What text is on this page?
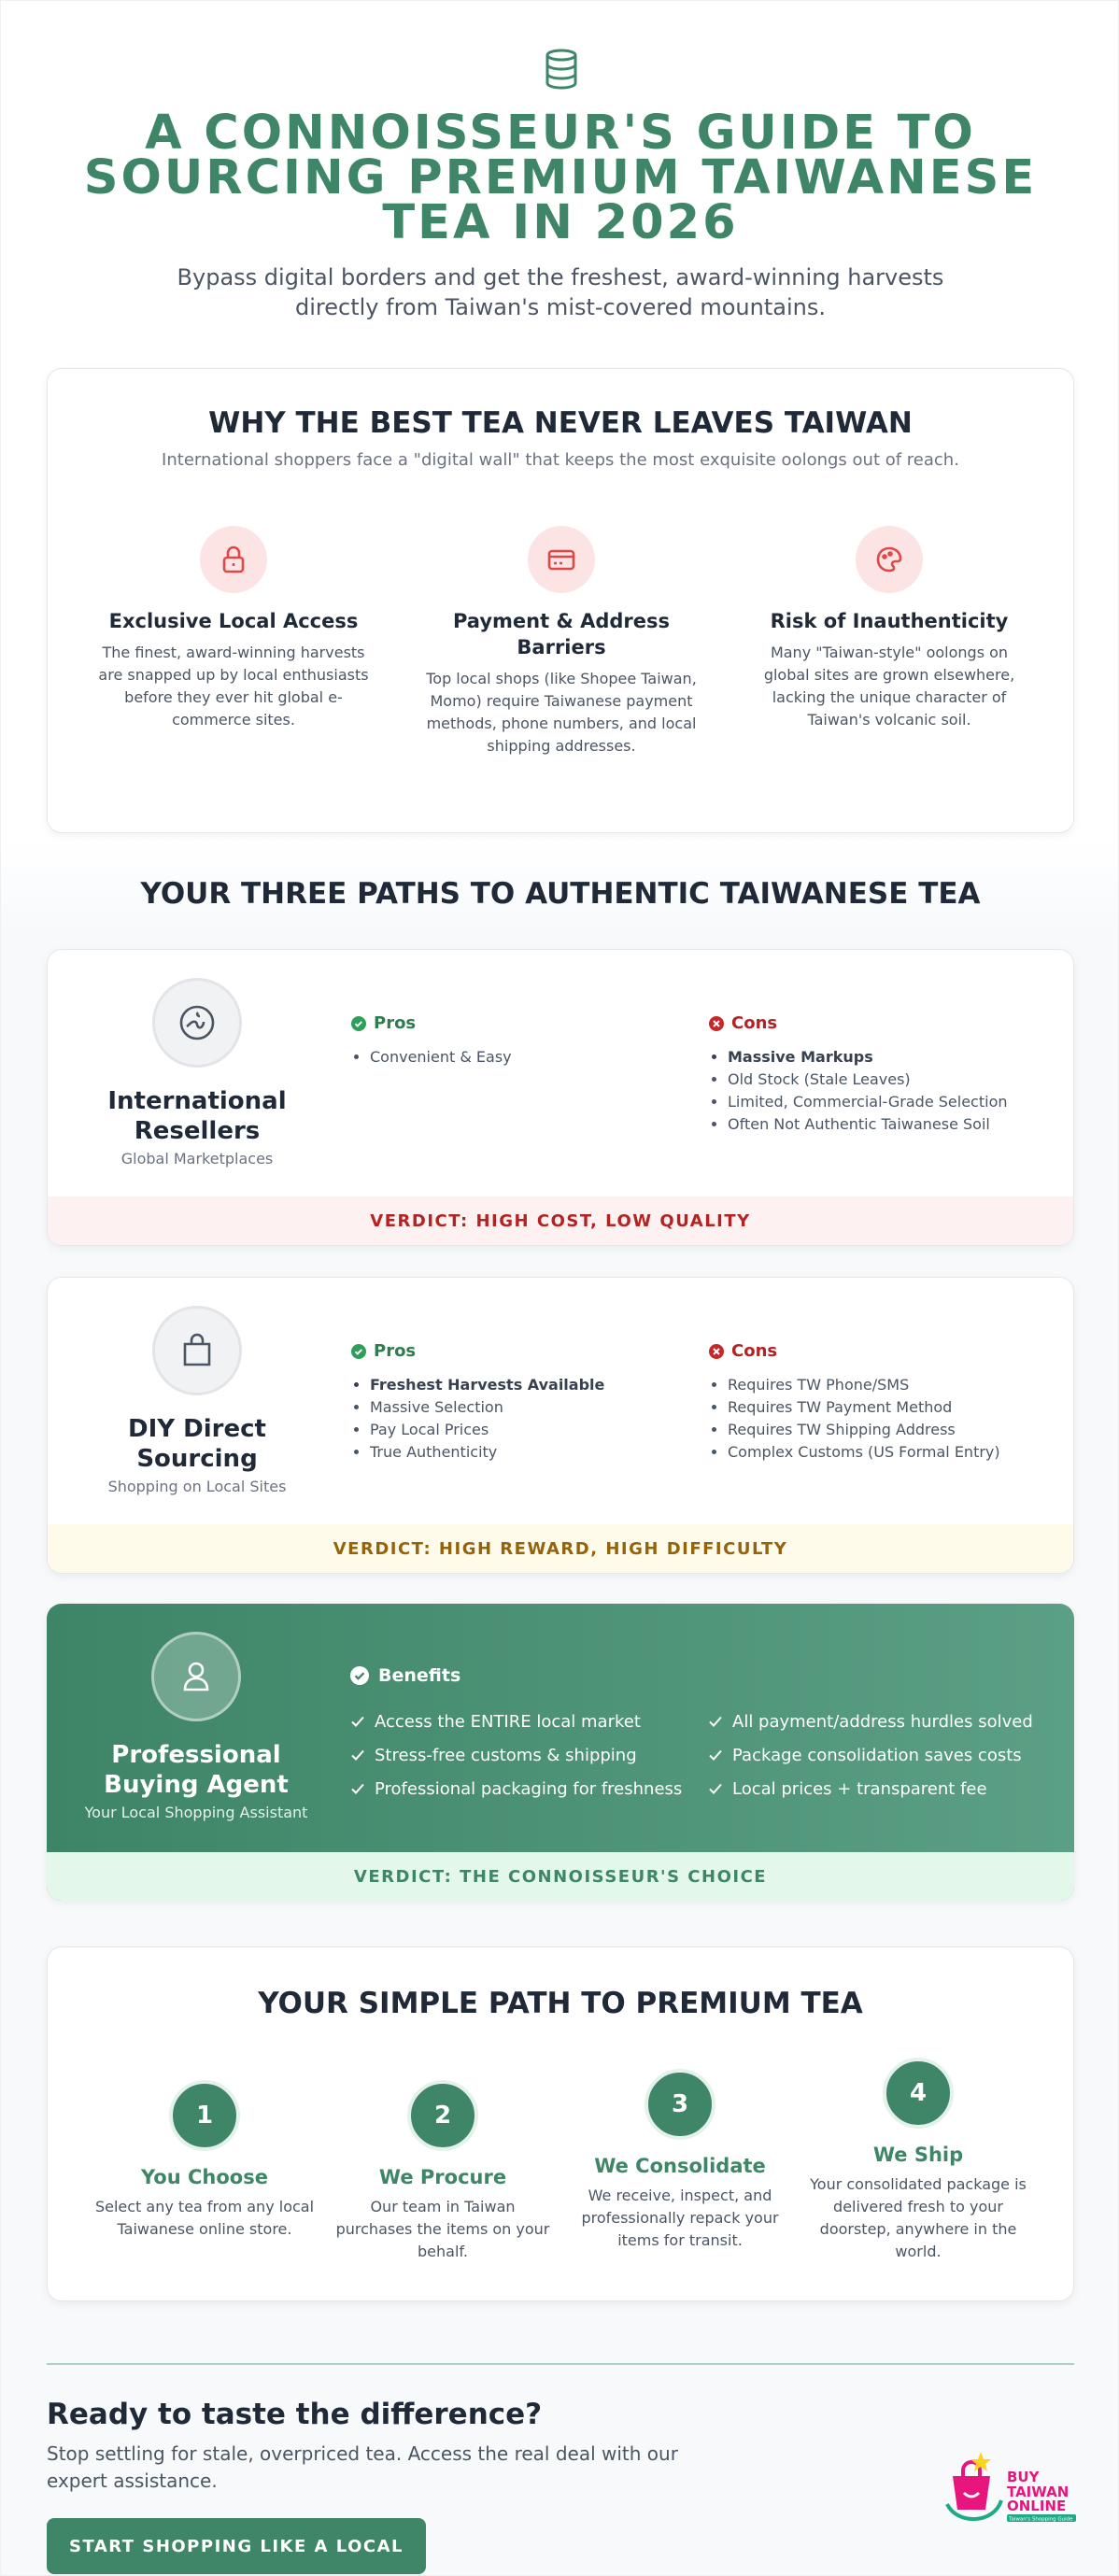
A CONNOISSEUR'S GUIDE TO SOURCING PREMIUM TAIWANESE TEA IN 2026

Bypass digital borders and get the freshest, award-winning harvests directly from Taiwan's mist-covered mountains.

WHY THE BEST TEA NEVER LEAVES TAIWAN

International shoppers face a "digital wall" that keeps the most exquisite oolongs out of reach.

Exclusive Local Access
The finest, award-winning harvests are snapped up by local enthusiasts before they ever hit global e-commerce sites.
Payment & Address Barriers
Top local shops (like Shopee Taiwan, Momo) require Taiwanese payment methods, phone numbers, and local shipping addresses.
Risk of Inauthenticity
Many "Taiwan-style" oolongs on global sites are grown elsewhere, lacking the unique character of Taiwan's volcanic soil.
YOUR THREE PATHS TO AUTHENTIC TAIWANESE TEA
International Resellers
Global Marketplaces
Pros
• Convenient & Easy
Cons
• Massive Markups
• Old Stock (Stale Leaves)
• Limited, Commercial-Grade Selection
• Often Not Authentic Taiwanese Soil
VERDICT: HIGH COST, LOW QUALITY
DIY Direct Sourcing
Shopping on Local Sites
Pros
• Freshest Harvests Available
• Massive Selection
• Pay Local Prices
• True Authenticity
Cons
• Requires TW Phone/SMS
• Requires TW Payment Method
• Requires TW Shipping Address
• Complex Customs (US Formal Entry)
VERDICT: HIGH REWARD, HIGH DIFFICULTY
Professional Buying Agent
Your Local Shopping Assistant
Benefits
Access the ENTIRE local market
Stress-free customs & shipping
Professional packaging for freshness
All payment/address hurdles solved
Package consolidation saves costs
Local prices + transparent fee
VERDICT: THE CONNOISSEUR'S CHOICE
YOUR SIMPLE PATH TO PREMIUM TEA
1
You Choose
Select any tea from any local Taiwanese online store.
2
We Procure
Our team in Taiwan purchases the items on your behalf.
3
We Consolidate
We receive, inspect, and professionally repack your items for transit.
4
We Ship
Your consolidated package is delivered fresh to your doorstep, anywhere in the world.
Ready to taste the difference?

Stop settling for stale, overpriced tea. Access the real deal with our expert assistance.

START SHOPPING LIKE A LOCAL
BUY
TAIWAN
ONLINE
Taiwan's Shopping Guide
